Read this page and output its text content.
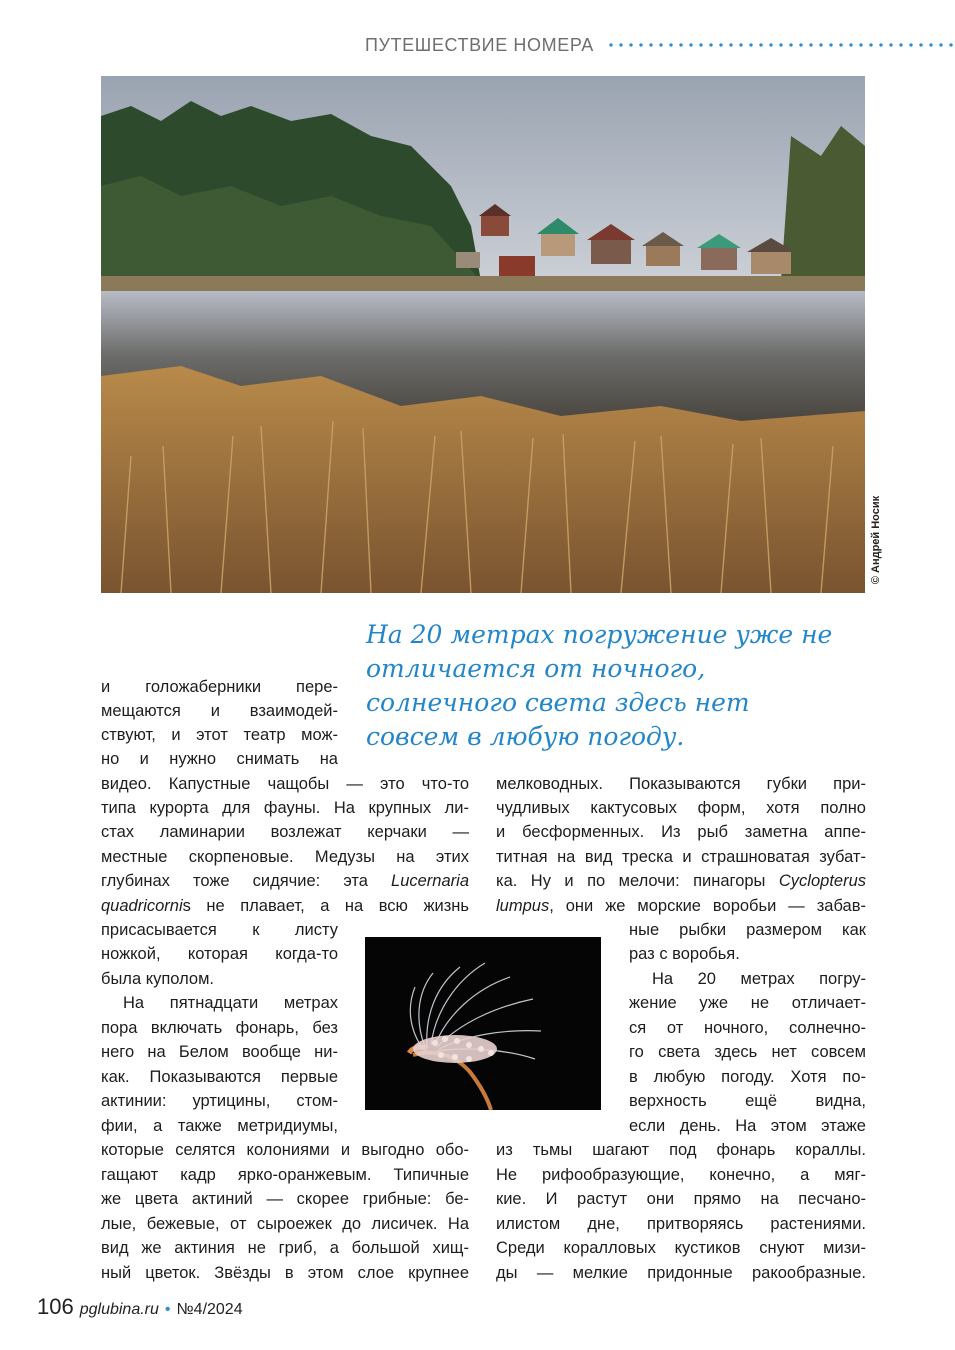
ПУТЕШЕСТВИЕ НОМЕРА
© Андрей Носик
На 20 метрах погружение уже не отличается от ночного, солнечного света здесь нет совсем в любую погоду.
и голожаберники пере-
мещаются и взаимодей-
ствуют, и этот театр мож-
но и нужно снимать на
видео. Капустные чащобы — это что-то
типа курорта для фауны. На крупных ли-
стах ламинарии возлежат керчаки —
местные скорпеновые. Медузы на этих
глубинах тоже сидячие: эта Lucernaria
quadricornis не плавает, а на всю жизнь
присасывается к листу
ножкой, которая когда-то
была куполом.
На пятнадцати метрах
пора включать фонарь, без
него на Белом вообще ни-
как. Показываются первые
актинии: уртицины, стом-
фии, а также метридиумы,
которые селятся колониями и выгодно обо-
гащают кадр ярко-оранжевым. Типичные
же цвета актиний — скорее грибные: бе-
лые, бежевые, от сыроежек до лисичек. На
вид же актиния не гриб, а большой хищ-
ный цветок. Звёзды в этом слое крупнее
мелководных. Показываются губки при-
чудливых кактусовых форм, хотя полно
и бесформенных. Из рыб заметна аппе-
титная на вид треска и страшноватая зубат-
ка. Ну и по мелочи: пинагоры Cyclopterus
lumpus, они же морские воробьи — забав-
ные рыбки размером как
раз с воробья.
На 20 метрах погру-
жение уже не отличает-
ся от ночного, солнечно-
го света здесь нет совсем
в любую погоду. Хотя по-
верхность ещё видна,
если день. На этом этаже
из тьмы шагают под фонарь кораллы.
Не рифообразующие, конечно, а мяг-
кие. И растут они прямо на песчано-
илистом дне, притворяясь растениями.
Среди коралловых кустиков снуют мизи-
ды — мелкие придонные ракообразные.
106 pglubina.ru • №4/2024
